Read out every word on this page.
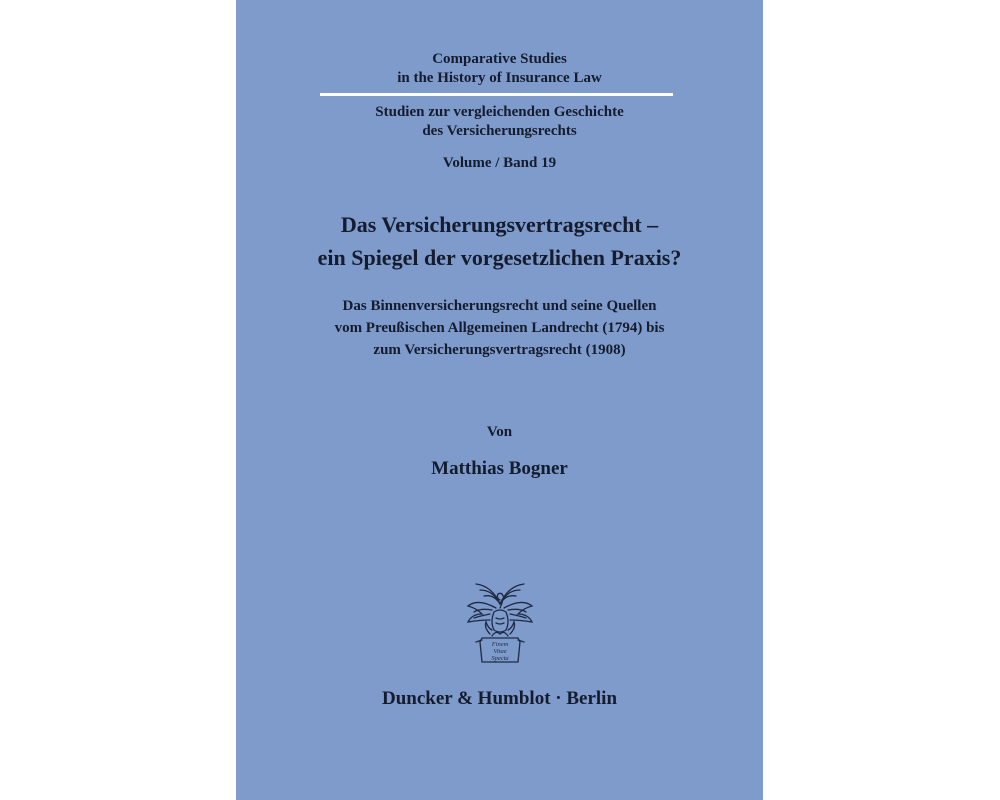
Comparative Studies
in the History of Insurance Law
Studien zur vergleichenden Geschichte
des Versicherungsrechts
Volume / Band 19
Das Versicherungsvertragsrecht –
ein Spiegel der vorgesetzlichen Praxis?
Das Binnenversicherungsrecht und seine Quellen
vom Preußischen Allgemeinen Landrecht (1794) bis
zum Versicherungsvertragsrecht (1908)
Von
Matthias Bogner
Finem
Vitae
Specta
Duncker & Humblot · Berlin
